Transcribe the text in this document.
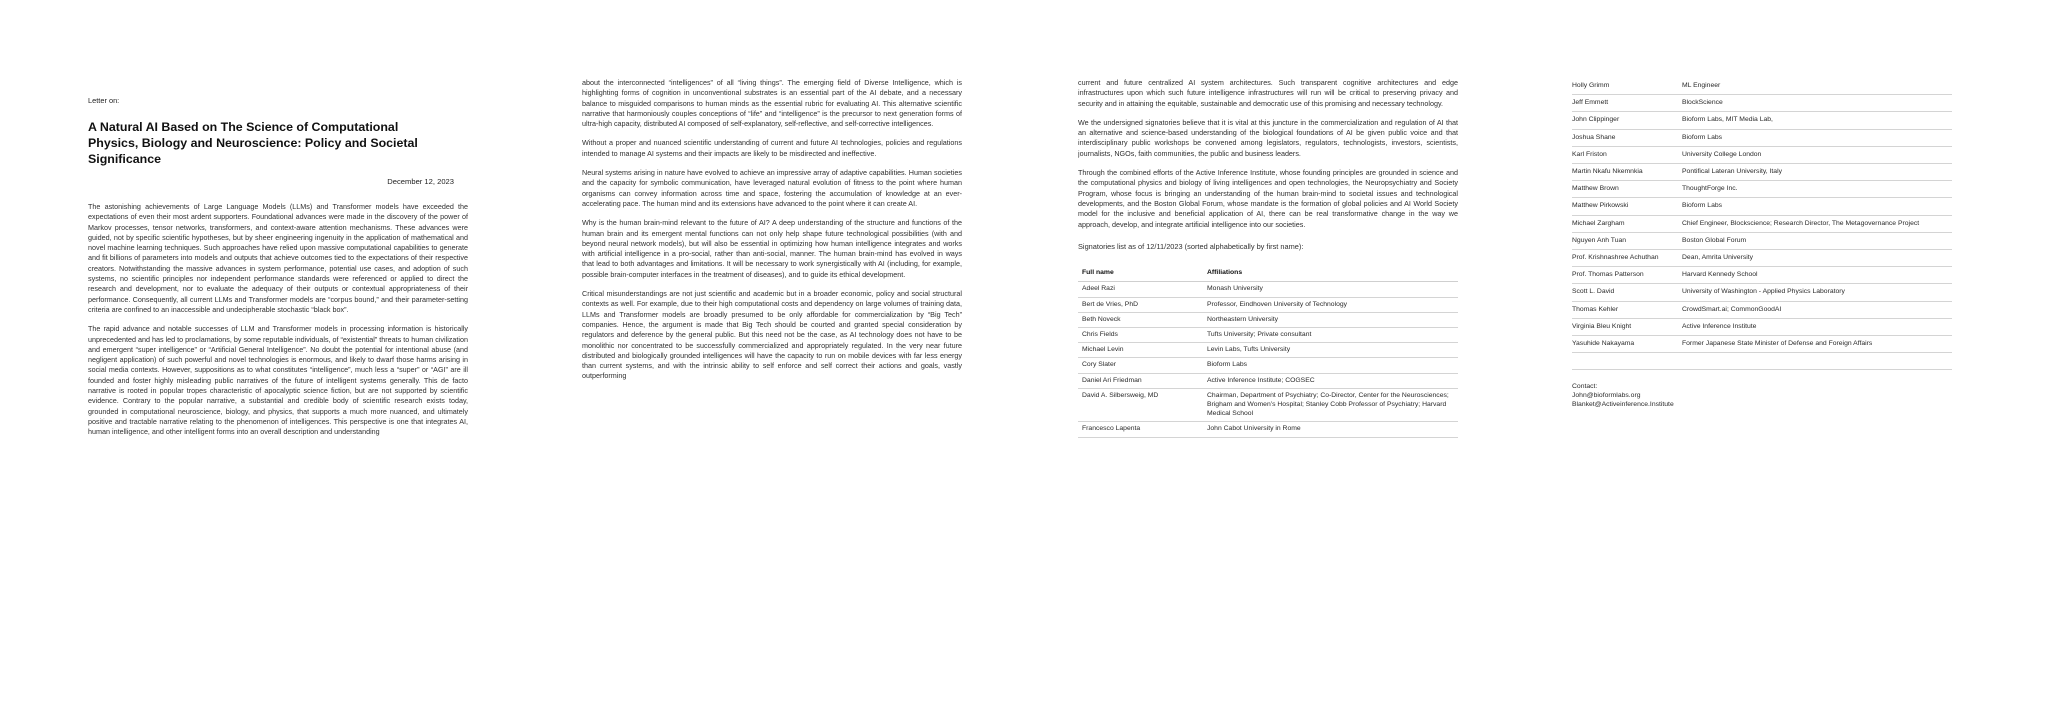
Letter on:
A Natural AI Based on The Science of Computational Physics, Biology and Neuroscience: Policy and Societal Significance
December 12, 2023

The astonishing achievements of Large Language Models (LLMs) and Transformer models have exceeded the expectations of even their most ardent supporters. Foundational advances were made in the discovery of the power of Markov processes, tensor networks, transformers, and context-aware attention mechanisms. These advances were guided, not by specific scientific hypotheses, but by sheer engineering ingenuity in the application of mathematical and novel machine learning techniques. Such approaches have relied upon massive computational capabilities to generate and fit billions of parameters into models and outputs that achieve outcomes tied to the expectations of their respective creators. Notwithstanding the massive advances in system performance, potential use cases, and adoption of such systems, no scientific principles nor independent performance standards were referenced or applied to direct the research and development, nor to evaluate the adequacy of their outputs or contextual appropriateness of their performance. Consequently, all current LLMs and Transformer models are “corpus bound,” and their parameter-setting criteria are confined to an inaccessible and undecipherable stochastic “black box”.

The rapid advance and notable successes of LLM and Transformer models in processing information is historically unprecedented and has led to proclamations, by some reputable individuals, of “existential” threats to human civilization and emergent “super intelligence” or “Artificial General Intelligence”. No doubt the potential for intentional abuse (and negligent application) of such powerful and novel technologies is enormous, and likely to dwarf those harms arising in social media contexts. However, suppositions as to what constitutes “intelligence”, much less a “super” or “AGI” are ill founded and foster highly misleading public narratives of the future of intelligent systems generally. This de facto narrative is rooted in popular tropes characteristic of apocalyptic science fiction, but are not supported by scientific evidence. Contrary to the popular narrative, a substantial and credible body of scientific research exists today, grounded in computational neuroscience, biology, and physics, that supports a much more nuanced, and ultimately positive and tractable narrative relating to the phenomenon of intelligences. This perspective is one that integrates AI, human intelligence, and other intelligent forms into an overall description and understanding

about the interconnected “intelligences” of all “living things”. The emerging field of Diverse Intelligence, which is highlighting forms of cognition in unconventional substrates is an essential part of the AI debate, and a necessary balance to misguided comparisons to human minds as the essential rubric for evaluating AI. This alternative scientific narrative that harmoniously couples conceptions of “life” and “intelligence” is the precursor to next generation forms of ultra-high capacity, distributed AI composed of self-explanatory, self-reflective, and self-corrective intelligences.

Without a proper and nuanced scientific understanding of current and future AI technologies, policies and regulations intended to manage AI systems and their impacts are likely to be misdirected and ineffective.

Neural systems arising in nature have evolved to achieve an impressive array of adaptive capabilities. Human societies and the capacity for symbolic communication, have leveraged natural evolution of fitness to the point where human organisms can convey information across time and space, fostering the accumulation of knowledge at an ever-accelerating pace. The human mind and its extensions have advanced to the point where it can create AI.

Why is the human brain-mind relevant to the future of AI? A deep understanding of the structure and functions of the human brain and its emergent mental functions can not only help shape future technological possibilities (with and beyond neural network models), but will also be essential in optimizing how human intelligence integrates and works with artificial intelligence in a pro-social, rather than anti-social, manner. The human brain-mind has evolved in ways that lead to both advantages and limitations. It will be necessary to work synergistically with AI (including, for example, possible brain-computer interfaces in the treatment of diseases), and to guide its ethical development.

Critical misunderstandings are not just scientific and academic but in a broader economic, policy and social structural contexts as well. For example, due to their high computational costs and dependency on large volumes of training data, LLMs and Transformer models are broadly presumed to be only affordable for commercialization by “Big Tech” companies. Hence, the argument is made that Big Tech should be courted and granted special consideration by regulators and deference by the general public. But this need not be the case, as AI technology does not have to be monolithic nor concentrated to be successfully commercialized and appropriately regulated. In the very near future distributed and biologically grounded intelligences will have the capacity to run on mobile devices with far less energy than current systems, and with the intrinsic ability to self enforce and self correct their actions and goals, vastly outperforming

current and future centralized AI system architectures. Such transparent cognitive architectures and edge infrastructures upon which such future intelligence infrastructures will run will be critical to preserving privacy and security and in attaining the equitable, sustainable and democratic use of this promising and necessary technology.

We the undersigned signatories believe that it is vital at this juncture in the commercialization and regulation of AI that an alternative and science-based understanding of the biological foundations of AI be given public voice and that interdisciplinary public workshops be convened among legislators, regulators, technologists, investors, scientists, journalists, NGOs, faith communities, the public and business leaders.

Through the combined efforts of the Active Inference Institute, whose founding principles are grounded in science and the computational physics and biology of living intelligences and open technologies, the Neuropsychiatry and Society Program, whose focus is bringing an understanding of the human brain-mind to societal issues and technological developments, and the Boston Global Forum, whose mandate is the formation of global policies and AI World Society model for the inclusive and beneficial application of AI, there can be real transformative change in the way we approach, develop, and integrate artificial intelligence into our societies.

Signatories list as of 12/11/2023 (sorted alphabetically by first name):
Full name	Affiliations
Adeel Razi	Monash University
Bert de Vries, PhD	Professor, Eindhoven University of Technology
Beth Noveck	Northeastern University
Chris Fields	Tufts University; Private consultant
Michael Levin	Levin Labs, Tufts University
Cory Slater	Bioform Labs
Daniel Ari Friedman	Active Inference Institute; COGSEC
David A. Silbersweig, MD	Chairman, Department of Psychiatry; Co-Director, Center for the Neurosciences; Brigham and Women’s Hospital; Stanley Cobb Professor of Psychiatry; Harvard Medical School
Francesco Lapenta	John Cabot University in Rome
Holly Grimm	ML Engineer
Jeff Emmett	BlockScience
John Clippinger	Bioform Labs, MIT Media Lab,
Joshua Shane	Bioform Labs
Karl Friston	University College London
Martin Nkafu Nkemnkia	Pontifical Lateran University, Italy
Matthew Brown	ThoughtForge Inc.
Matthew Pirkowski	Bioform Labs
Michael Zargham	Chief Engineer, Blockscience; Research Director, The Metagovernance Project
Nguyen Anh Tuan	Boston Global Forum
Prof. Krishnashree Achuthan	Dean, Amrita University
Prof. Thomas Patterson	Harvard Kennedy School
Scott L. David	University of Washington - Applied Physics Laboratory
Thomas Kehler	CrowdSmart.ai; CommonGoodAI
Virginia Bleu Knight	Active Inference Institute
Yasuhide Nakayama	Former Japanese State Minister of Defense and Foreign Affairs
Contact:
John@bioformlabs.org
Blanket@Activeinference.Institute
